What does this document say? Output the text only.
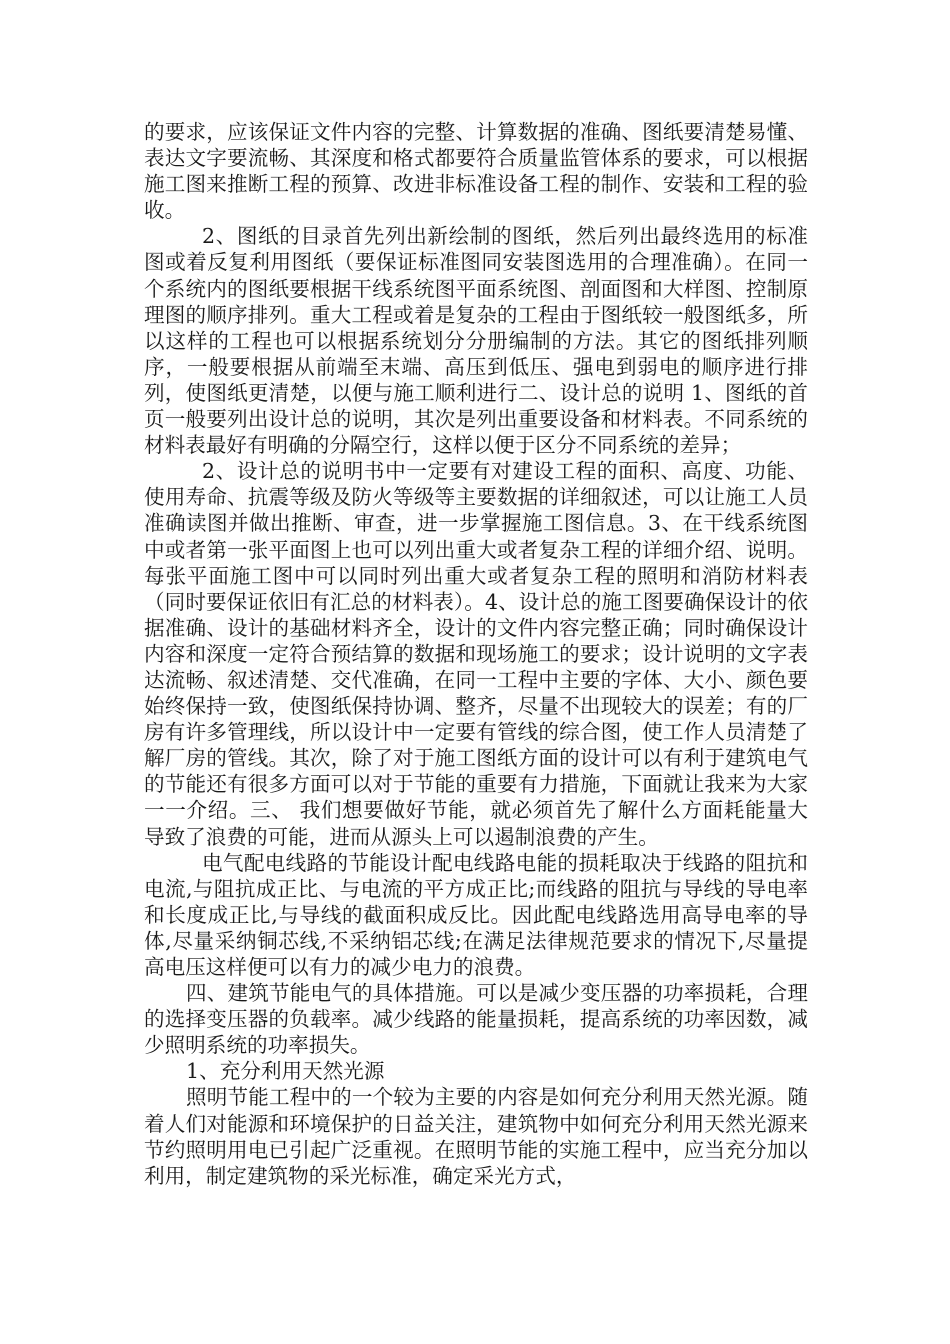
的要求，应该保证文件内容的完整、计算数据的准确、图纸要清楚易懂、表达文字要流畅、其深度和格式都要符合质量监管体系的要求，可以根据施工图来推断工程的预算、改进非标准设备工程的制作、安装和工程的验收。

2、图纸的目录首先列出新绘制的图纸，然后列出最终选用的标准图或着反复利用图纸（要保证标准图同安装图选用的合理准确）。在同一个系统内的图纸要根据干线系统图平面系统图、剖面图和大样图、控制原理图的顺序排列。重大工程或着是复杂的工程由于图纸较一般图纸多，所以这样的工程也可以根据系统划分分册编制的方法。其它的图纸排列顺序，一般要根据从前端至末端、高压到低压、强电到弱电的顺序进行排列，使图纸更清楚，以便与施工顺利进行二、设计总的说明 1、图纸的首页一般要列出设计总的说明，其次是列出重要设备和材料表。不同系统的材料表最好有明确的分隔空行，这样以便于区分不同系统的差异；

2、设计总的说明书中一定要有对建设工程的面积、高度、功能、使用寿命、抗震等级及防火等级等主要数据的详细叙述，可以让施工人员准确读图并做出推断、审查，进一步掌握施工图信息。3、在干线系统图中或者第一张平面图上也可以列出重大或者复杂工程的详细介绍、说明。每张平面施工图中可以同时列出重大或者复杂工程的照明和消防材料表（同时要保证依旧有汇总的材料表）。4、设计总的施工图要确保设计的依据准确、设计的基础材料齐全，设计的文件内容完整正确；同时确保设计内容和深度一定符合预结算的数据和现场施工的要求；设计说明的文字表达流畅、叙述清楚、交代准确，在同一工程中主要的字体、大小、颜色要始终保持一致，使图纸保持协调、整齐，尽量不出现较大的误差；有的厂房有许多管理线，所以设计中一定要有管线的综合图，使工作人员清楚了解厂房的管线。其次，除了对于施工图纸方面的设计可以有利于建筑电气的节能还有很多方面可以对于节能的重要有力措施，下面就让我来为大家一一介绍。三、 我们想要做好节能，就必须首先了解什么方面耗能量大导致了浪费的可能，进而从源头上可以遏制浪费的产生。

电气配电线路的节能设计配电线路电能的损耗取决于线路的阻抗和电流,与阻抗成正比、与电流的平方成正比;而线路的阻抗与导线的导电率和长度成正比,与导线的截面积成反比。因此配电线路选用高导电率的导体,尽量采纳铜芯线,不采纳铝芯线;在满足法律规范要求的情况下,尽量提高电压这样便可以有力的减少电力的浪费。

四、建筑节能电气的具体措施。可以是减少变压器的功率损耗，合理的选择变压器的负载率。减少线路的能量损耗，提高系统的功率因数，减少照明系统的功率损失。

1、充分利用天然光源

照明节能工程中的一个较为主要的内容是如何充分利用天然光源。随着人们对能源和环境保护的日益关注，建筑物中如何充分利用天然光源来节约照明用电已引起广泛重视。在照明节能的实施工程中，应当充分加以利用，制定建筑物的采光标准，确定采光方式，
